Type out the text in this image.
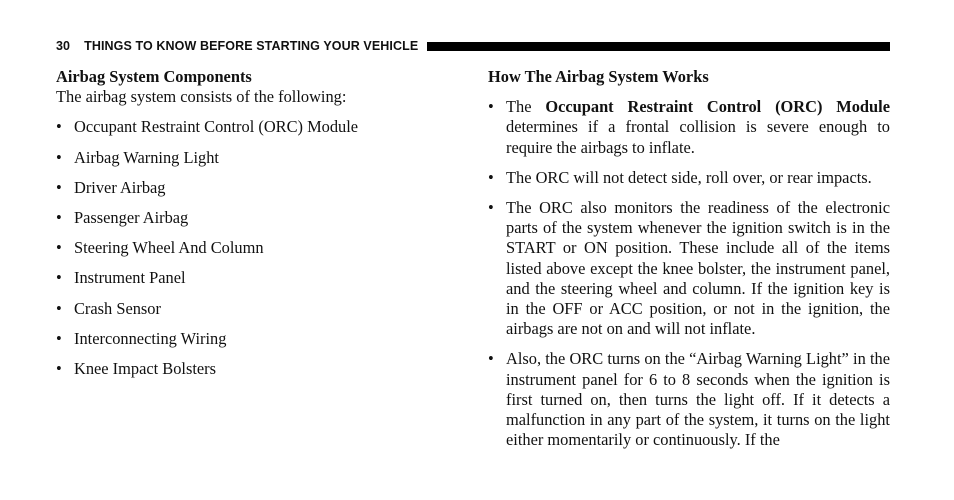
30 THINGS TO KNOW BEFORE STARTING YOUR VEHICLE

Airbag System Components

The airbag system consists of the following:

• Occupant Restraint Control (ORC) Module
• Airbag Warning Light
• Driver Airbag
• Passenger Airbag
• Steering Wheel And Column
• Instrument Panel
• Crash Sensor
• Interconnecting Wiring
• Knee Impact Bolsters

How The Airbag System Works

• The Occupant Restraint Control (ORC) Module determines if a frontal collision is severe enough to require the airbags to inflate.
• The ORC will not detect side, roll over, or rear impacts.
• The ORC also monitors the readiness of the electronic parts of the system whenever the ignition switch is in the START or ON position. These include all of the items listed above except the knee bolster, the instrument panel, and the steering wheel and column. If the ignition key is in the OFF or ACC position, or not in the ignition, the airbags are not on and will not inflate.
• Also, the ORC turns on the “Airbag Warning Light” in the instrument panel for 6 to 8 seconds when the ignition is first turned on, then turns the light off. If it detects a malfunction in any part of the system, it turns on the light either momentarily or continuously. If the
